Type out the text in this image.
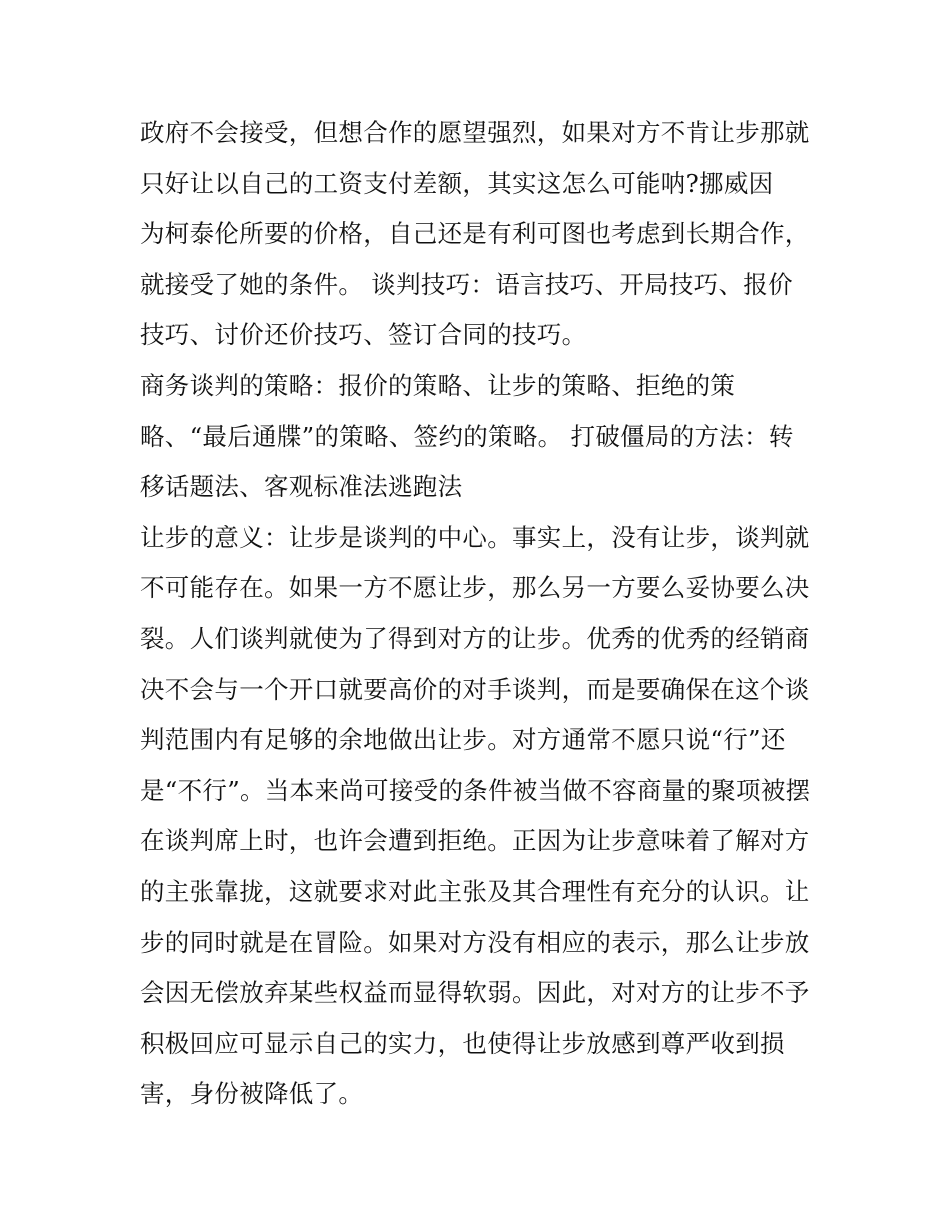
政府不会接受，但想合作的愿望强烈，如果对方不肯让步那就
只好让以自己的工资支付差额，其实这怎么可能呐?挪威因
为柯泰伦所要的价格，自己还是有利可图也考虑到长期合作，
就接受了她的条件。 谈判技巧：语言技巧、开局技巧、报价
技巧、讨价还价技巧、签订合同的技巧。
商务谈判的策略：报价的策略、让步的策略、拒绝的策
略、“最后通牒”的策略、签约的策略。 打破僵局的方法：转
移话题法、客观标准法逃跑法
让步的意义：让步是谈判的中心。事实上，没有让步，谈判就
不可能存在。如果一方不愿让步，那么另一方要么妥协要么决
裂。人们谈判就使为了得到对方的让步。优秀的优秀的经销商
决不会与一个开口就要高价的对手谈判，而是要确保在这个谈
判范围内有足够的余地做出让步。对方通常不愿只说“行”还
是“不行”。当本来尚可接受的条件被当做不容商量的聚项被摆
在谈判席上时，也许会遭到拒绝。正因为让步意味着了解对方
的主张靠拢，这就要求对此主张及其合理性有充分的认识。让
步的同时就是在冒险。如果对方没有相应的表示，那么让步放
会因无偿放弃某些权益而显得软弱。因此，对对方的让步不予
积极回应可显示自己的实力，也使得让步放感到尊严收到损
害，身份被降低了。
